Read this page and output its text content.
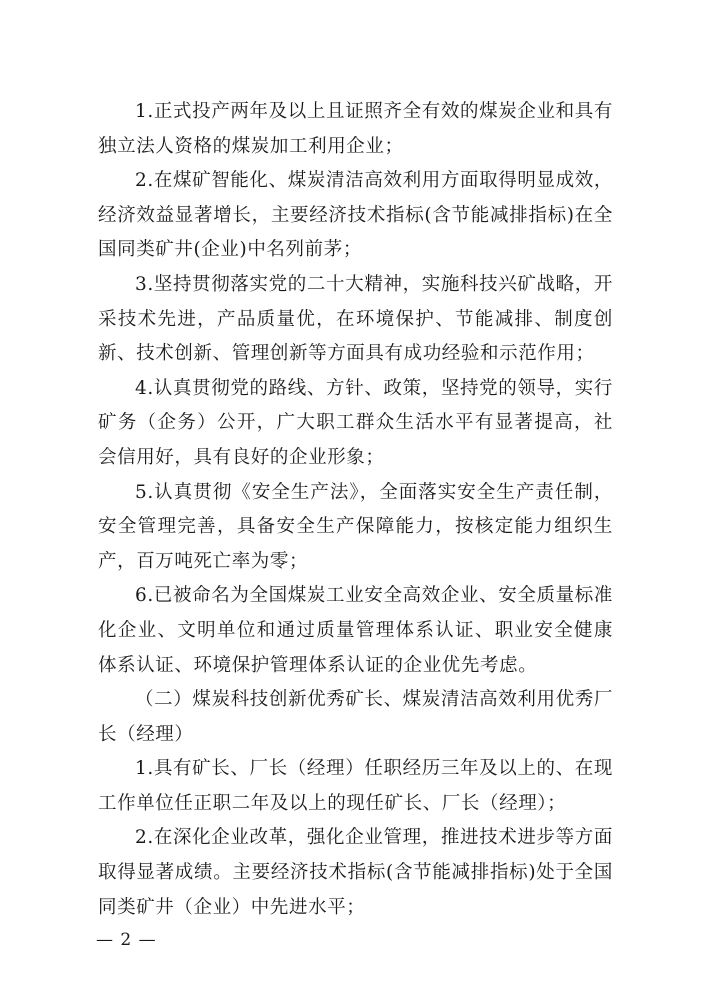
1.正式投产两年及以上且证照齐全有效的煤炭企业和具有独立法人资格的煤炭加工利用企业；

2.在煤矿智能化、煤炭清洁高效利用方面取得明显成效，经济效益显著增长，主要经济技术指标(含节能减排指标)在全国同类矿井(企业)中名列前茅；

3.坚持贯彻落实党的二十大精神，实施科技兴矿战略，开采技术先进，产品质量优，在环境保护、节能减排、制度创新、技术创新、管理创新等方面具有成功经验和示范作用；

4.认真贯彻党的路线、方针、政策，坚持党的领导，实行矿务（企务）公开，广大职工群众生活水平有显著提高，社会信用好，具有良好的企业形象；

5.认真贯彻《安全生产法》，全面落实安全生产责任制，安全管理完善，具备安全生产保障能力，按核定能力组织生产，百万吨死亡率为零；

6.已被命名为全国煤炭工业安全高效企业、安全质量标准化企业、文明单位和通过质量管理体系认证、职业安全健康体系认证、环境保护管理体系认证的企业优先考虑。

（二）煤炭科技创新优秀矿长、煤炭清洁高效利用优秀厂长（经理）

1.具有矿长、厂长（经理）任职经历三年及以上的、在现工作单位任正职二年及以上的现任矿长、厂长（经理）；

2.在深化企业改革，强化企业管理，推进技术进步等方面取得显著成绩。主要经济技术指标(含节能减排指标)处于全国同类矿井（企业）中先进水平；

— 2 —
